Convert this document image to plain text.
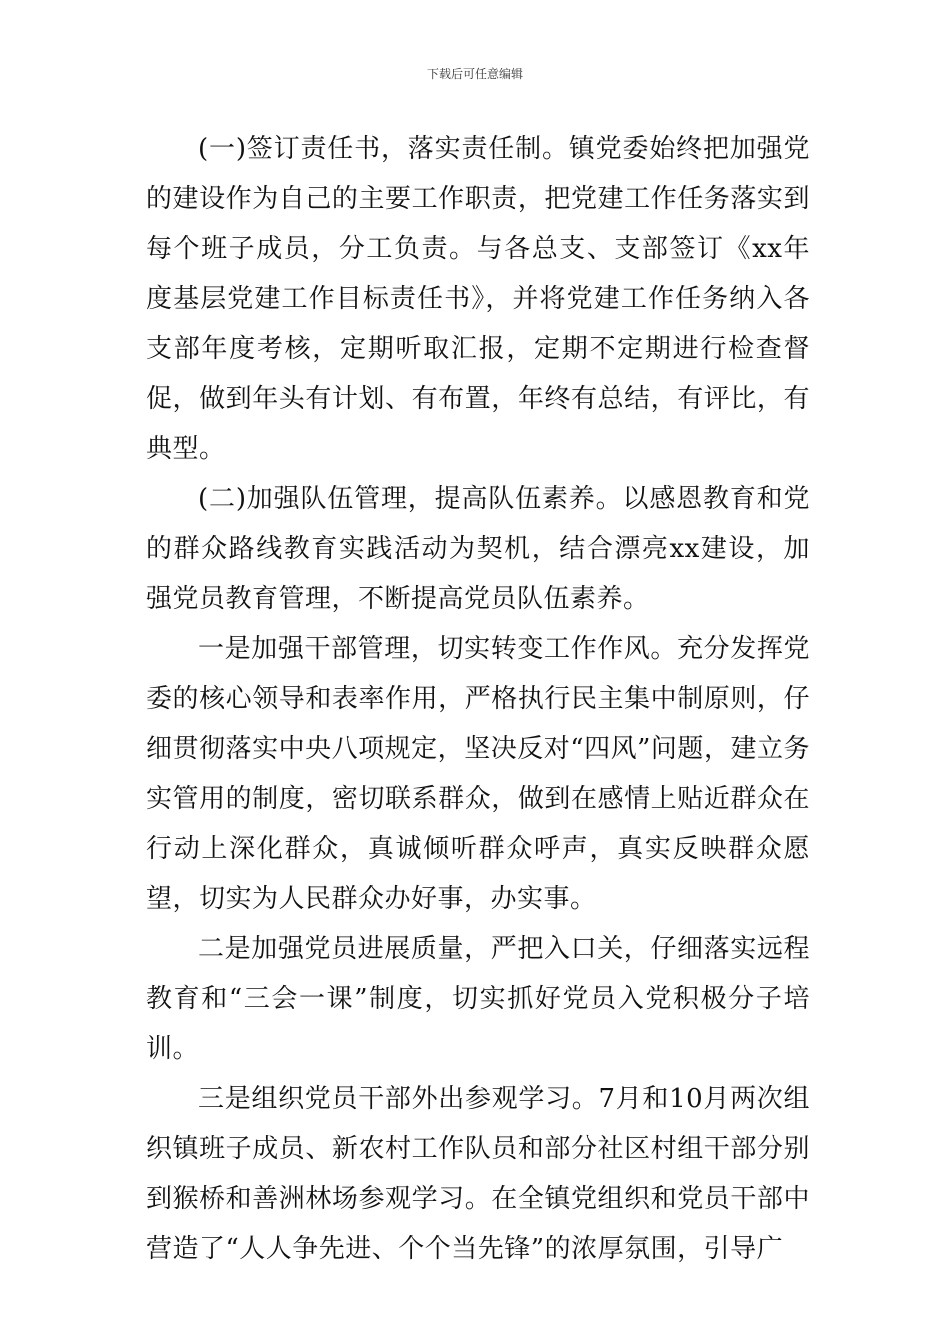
下载后可任意编辑

(一)签订责任书，落实责任制。镇党委始终把加强党的建设作为自己的主要工作职责，把党建工作任务落实到每个班子成员，分工负责。与各总支、支部签订《xx年度基层党建工作目标责任书》，并将党建工作任务纳入各支部年度考核，定期听取汇报，定期不定期进行检查督促，做到年头有计划、有布置，年终有总结，有评比，有典型。

(二)加强队伍管理，提高队伍素养。以感恩教育和党的群众路线教育实践活动为契机，结合漂亮xx建设，加强党员教育管理，不断提高党员队伍素养。

一是加强干部管理，切实转变工作作风。充分发挥党委的核心领导和表率作用，严格执行民主集中制原则，仔细贯彻落实中央八项规定，坚决反对“四风”问题，建立务实管用的制度，密切联系群众，做到在感情上贴近群众在行动上深化群众，真诚倾听群众呼声，真实反映群众愿望，切实为人民群众办好事，办实事。

二是加强党员进展质量，严把入口关，仔细落实远程教育和“三会一课”制度，切实抓好党员入党积极分子培训。

三是组织党员干部外出参观学习。7月和10月两次组织镇班子成员、新农村工作队员和部分社区村组干部分别到猴桥和善洲林场参观学习。在全镇党组织和党员干部中营造了“人人争先进、个个当先锋”的浓厚氛围，引导广
